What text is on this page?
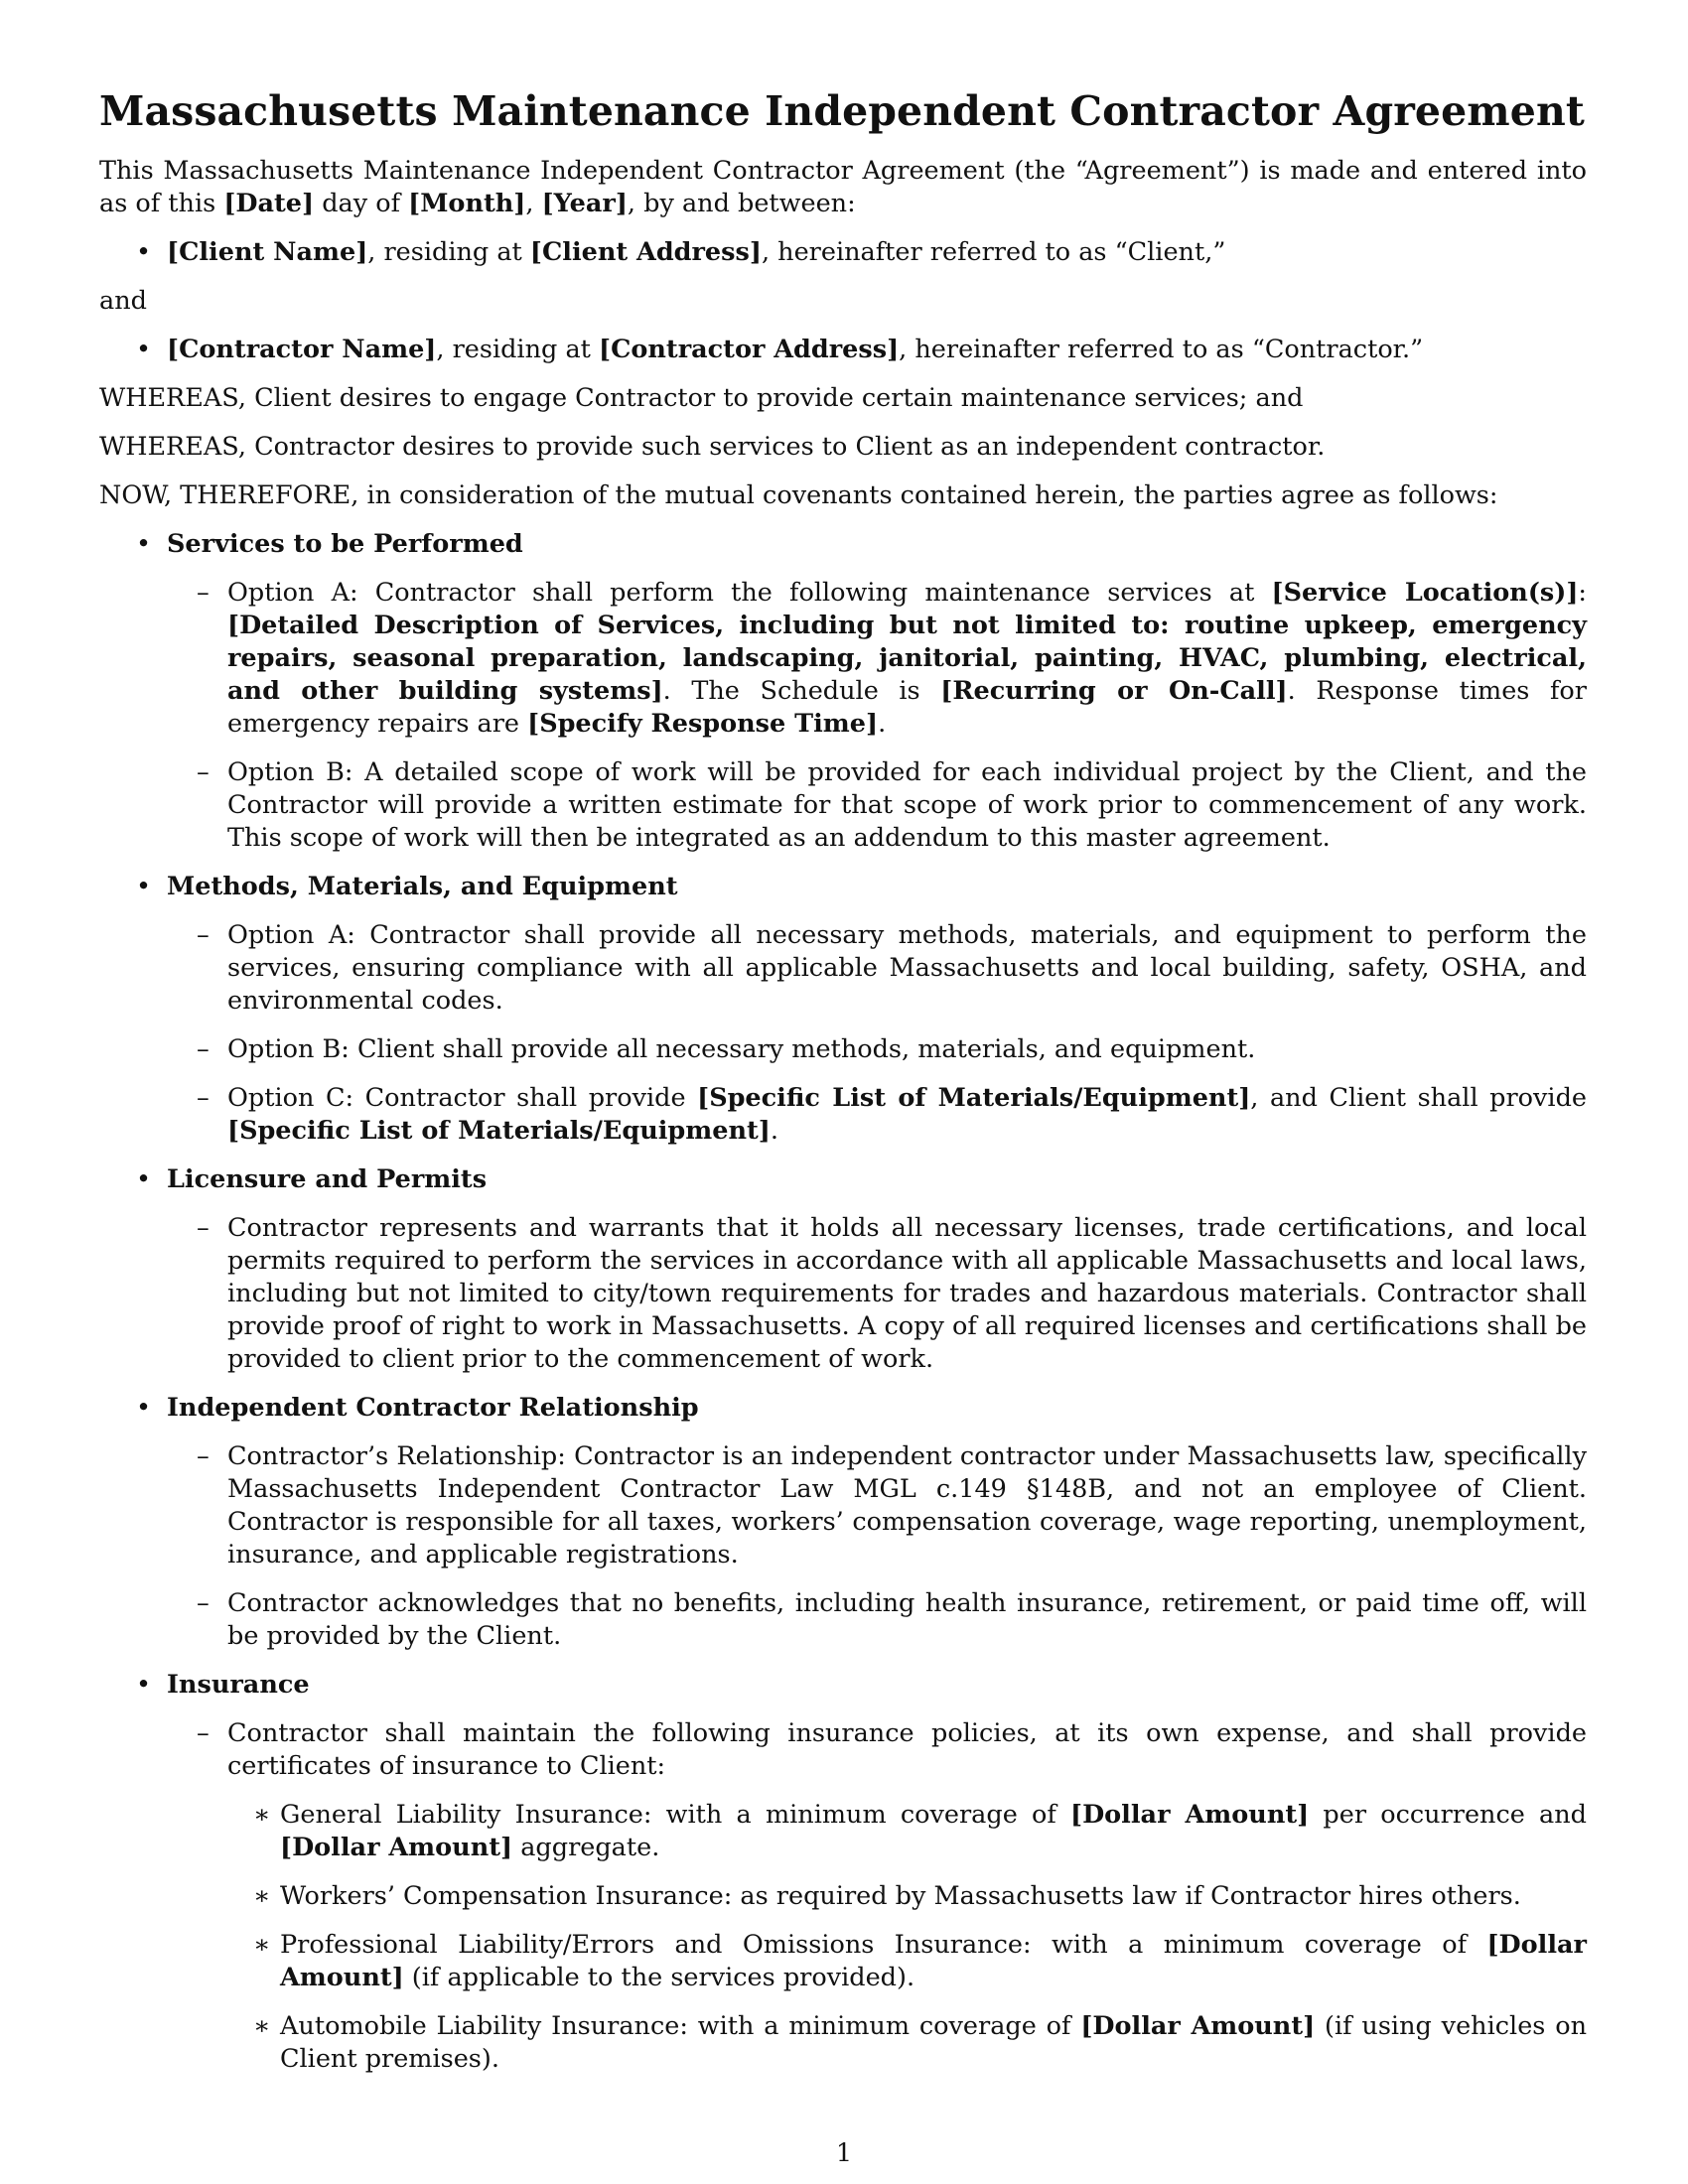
Massachusetts Maintenance Independent Contractor Agreement

This Massachusetts Maintenance Independent Contractor Agreement (the “Agreement”) is made and entered into as of this [Date] day of [Month], [Year], by and between:

• [Client Name], residing at [Client Address], hereinafter referred to as “Client,”

and

• [Contractor Name], residing at [Contractor Address], hereinafter referred to as “Contractor.”

WHEREAS, Client desires to engage Contractor to provide certain maintenance services; and

WHEREAS, Contractor desires to provide such services to Client as an independent contractor.

NOW, THEREFORE, in consideration of the mutual covenants contained herein, the parties agree as follows:

• Services to be Performed
– Option A: Contractor shall perform the following maintenance services at [Service Location(s)]: [Detailed Description of Services, including but not limited to: routine upkeep, emergency repairs, seasonal preparation, landscaping, janitorial, painting, HVAC, plumbing, electrical, and other building systems]. The Schedule is [Recurring or On-Call]. Response times for emergency repairs are [Specify Response Time].
– Option B: A detailed scope of work will be provided for each individual project by the Client, and the Contractor will provide a written estimate for that scope of work prior to commencement of any work. This scope of work will then be integrated as an addendum to this master agreement.
• Methods, Materials, and Equipment
– Option A: Contractor shall provide all necessary methods, materials, and equipment to perform the services, ensuring compliance with all applicable Massachusetts and local building, safety, OSHA, and environmental codes.
– Option B: Client shall provide all necessary methods, materials, and equipment.
– Option C: Contractor shall provide [Specific List of Materials/Equipment], and Client shall provide [Specific List of Materials/Equipment].
• Licensure and Permits
– Contractor represents and warrants that it holds all necessary licenses, trade certifications, and local permits required to perform the services in accordance with all applicable Massachusetts and local laws, including but not limited to city/town requirements for trades and hazardous materials. Contractor shall provide proof of right to work in Massachusetts. A copy of all required licenses and certifications shall be provided to client prior to the commencement of work.
• Independent Contractor Relationship
– Contractor’s Relationship: Contractor is an independent contractor under Massachusetts law, specifically Massachusetts Independent Contractor Law MGL c.149 §148B, and not an employee of Client. Contractor is responsible for all taxes, workers’ compensation coverage, wage reporting, unemployment, insurance, and applicable registrations.
– Contractor acknowledges that no benefits, including health insurance, retirement, or paid time off, will be provided by the Client.
• Insurance
– Contractor shall maintain the following insurance policies, at its own expense, and shall provide certificates of insurance to Client:
∗ General Liability Insurance: with a minimum coverage of [Dollar Amount] per occurrence and [Dollar Amount] aggregate.
∗ Workers’ Compensation Insurance: as required by Massachusetts law if Contractor hires others.
∗ Professional Liability/Errors and Omissions Insurance: with a minimum coverage of [Dollar Amount] (if applicable to the services provided).
∗ Automobile Liability Insurance: with a minimum coverage of [Dollar Amount] (if using vehicles on Client premises).
1
